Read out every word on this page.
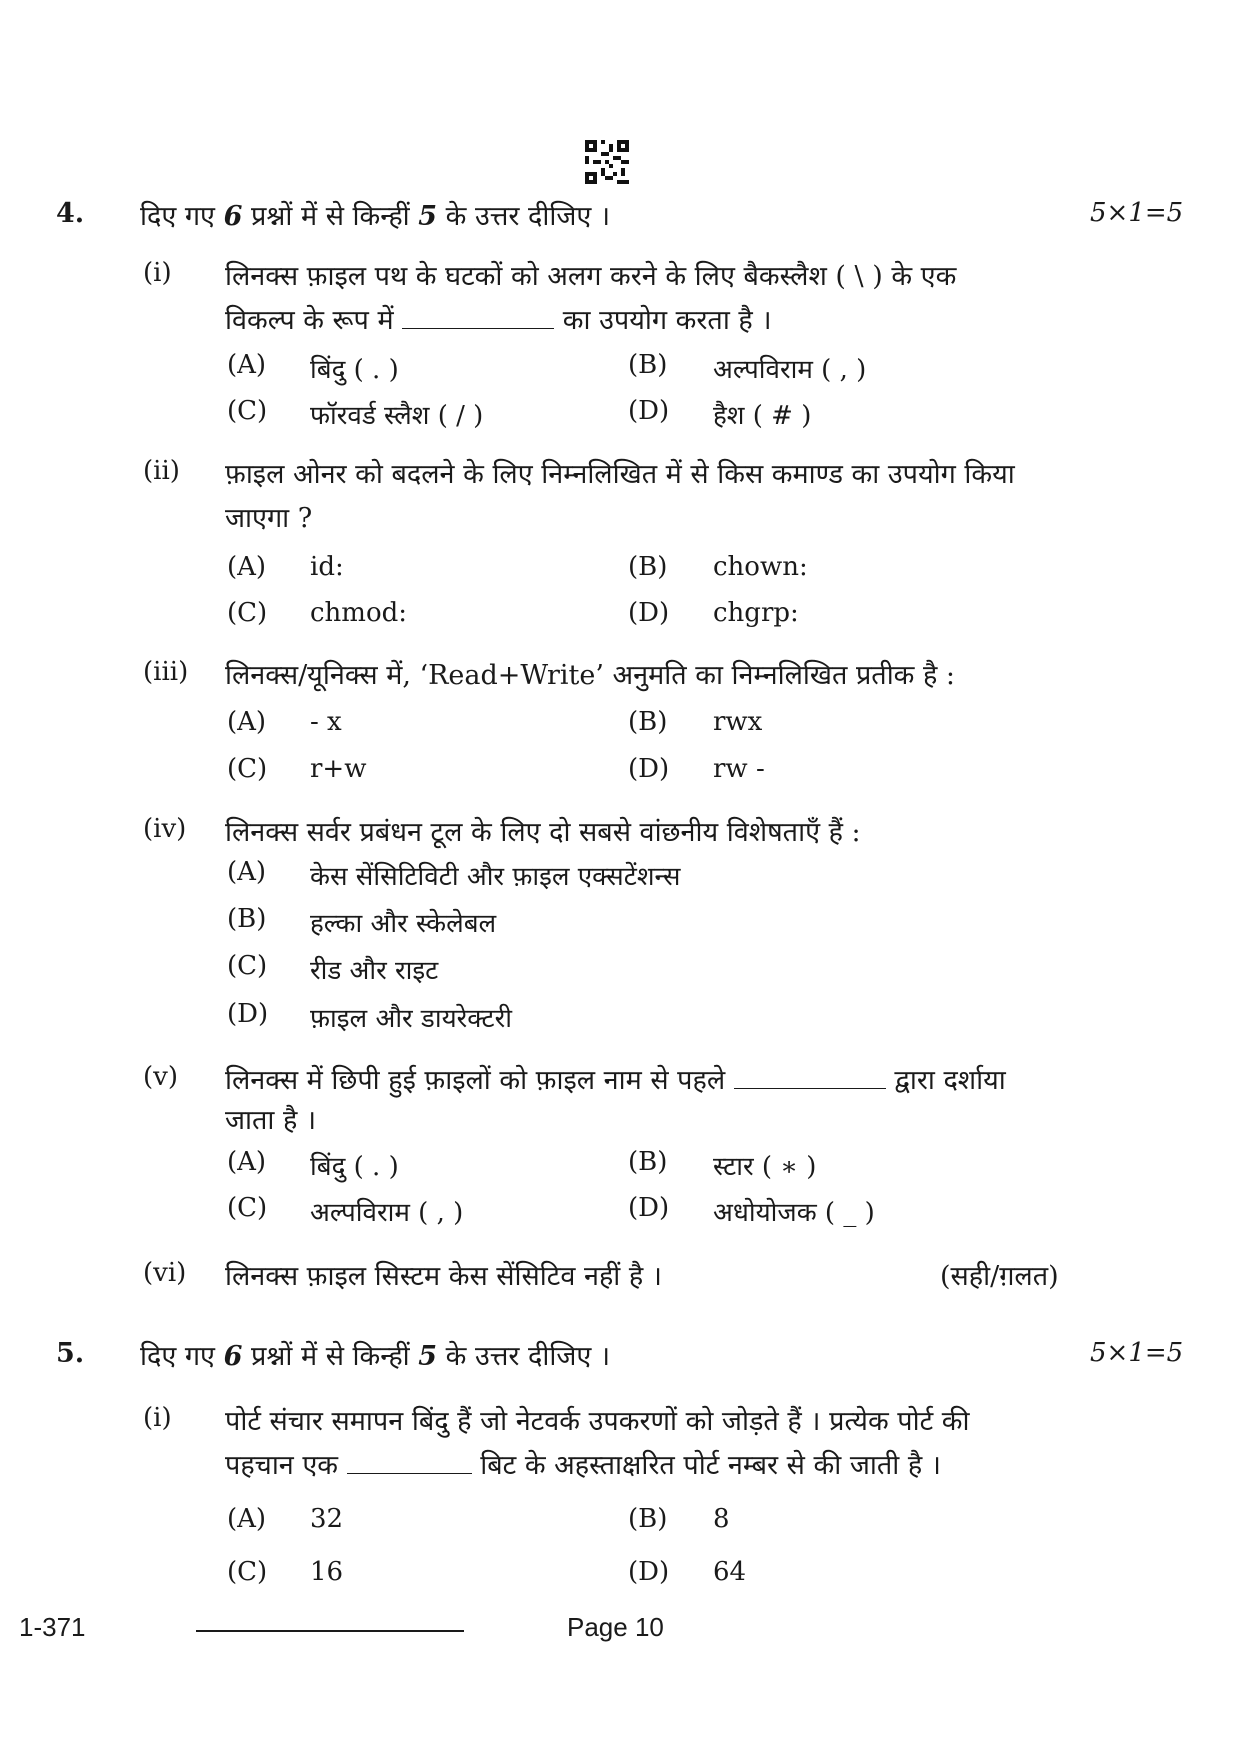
4. दिए गए 6 प्रश्नों में से किन्हीं 5 के उत्तर दीजिए ।	5×1=5
(i) लिनक्स फ़ाइल पथ के घटकों को अलग करने के लिए बैकस्लैश ( \ ) के एक
विकल्प के रूप में	का उपयोग करता है ।
(A) बिंदु ( . )	(B) अल्पविराम ( , )
(C) फॉरवर्ड स्लैश ( / )	(D) हैश ( # )
(ii) फ़ाइल ओनर को बदलने के लिए निम्नलिखित में से किस कमाण्ड का उपयोग किया
जाएगा ?
(A) id:	(B) chown:
(C) chmod:	(D) chgrp:
(iii) लिनक्स/यूनिक्स में, ‘Read+Write’ अनुमति का निम्नलिखित प्रतीक है :
(A) - x	(B) rwx
(C) r+w	(D) rw -
(iv) लिनक्स सर्वर प्रबंधन टूल के लिए दो सबसे वांछनीय विशेषताएँ हैं :
(A) केस सेंसिटिविटी और फ़ाइल एक्सटेंशन्स
(B) हल्का और स्केलेबल
(C) रीड और राइट
(D) फ़ाइल और डायरेक्टरी
(v) लिनक्स में छिपी हुई फ़ाइलों को फ़ाइल नाम से पहले	द्वारा दर्शाया
जाता है ।
(A) बिंदु ( . )	(B) स्टार ( ∗ )
(C) अल्पविराम ( , )	(D) अधोयोजक ( _ )
(vi) लिनक्स फ़ाइल सिस्टम केस सेंसिटिव नहीं है ।	(सही/ग़लत)
5. दिए गए 6 प्रश्नों में से किन्हीं 5 के उत्तर दीजिए ।	5×1=5
(i) पोर्ट संचार समापन बिंदु हैं जो नेटवर्क उपकरणों को जोड़ते हैं । प्रत्येक पोर्ट की
पहचान एक	बिट के अहस्ताक्षरित पोर्ट नम्बर से की जाती है ।
(A) 32	(B) 8
(C) 16	(D) 64
1-371	Page 10
